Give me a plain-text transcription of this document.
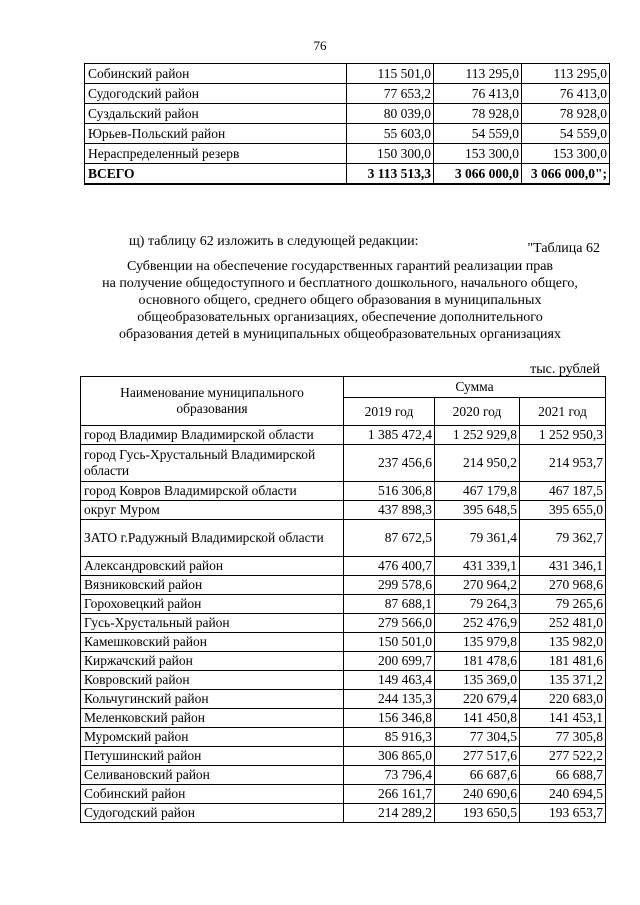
76
Собинский район	115 501,0	113 295,0	113 295,0
Судогодский район	77 653,2	76 413,0	76 413,0
Суздальский район	80 039,0	78 928,0	78 928,0
Юрьев-Польский район	55 603,0	54 559,0	54 559,0
Нераспределенный резерв	150 300,0	153 300,0	153 300,0
ВСЕГО	3 113 513,3	3 066 000,0	3 066 000,0";
щ) таблицу 62 изложить в следующей редакции:	"Таблица 62
Субвенции на обеспечение государственных гарантий реализации прав
на получение общедоступного и бесплатного дошкольного, начального общего,
основного общего, среднего общего образования в муниципальных
общеобразовательных организациях, обеспечение дополнительного
образования детей в муниципальных общеобразовательных организациях
тыс. рублей
Наименование муниципального образования	Сумма		
	2019 год	2020 год	2021 год
город Владимир Владимирской области	1 385 472,4	1 252 929,8	1 252 950,3
город Гусь-Хрустальный Владимирской области	237 456,6	214 950,2	214 953,7
город Ковров Владимирской области	516 306,8	467 179,8	467 187,5
округ Муром	437 898,3	395 648,5	395 655,0
ЗАТО г.Радужный Владимирской области	87 672,5	79 361,4	79 362,7
Александровский район	476 400,7	431 339,1	431 346,1
Вязниковский район	299 578,6	270 964,2	270 968,6
Гороховецкий район	87 688,1	79 264,3	79 265,6
Гусь-Хрустальный район	279 566,0	252 476,9	252 481,0
Камешковский район	150 501,0	135 979,8	135 982,0
Киржачский район	200 699,7	181 478,6	181 481,6
Ковровский район	149 463,4	135 369,0	135 371,2
Кольчугинский район	244 135,3	220 679,4	220 683,0
Меленковский район	156 346,8	141 450,8	141 453,1
Муромский район	85 916,3	77 304,5	77 305,8
Петушинский район	306 865,0	277 517,6	277 522,2
Селивановский район	73 796,4	66 687,6	66 688,7
Собинский район	266 161,7	240 690,6	240 694,5
Судогодский район	214 289,2	193 650,5	193 653,7
